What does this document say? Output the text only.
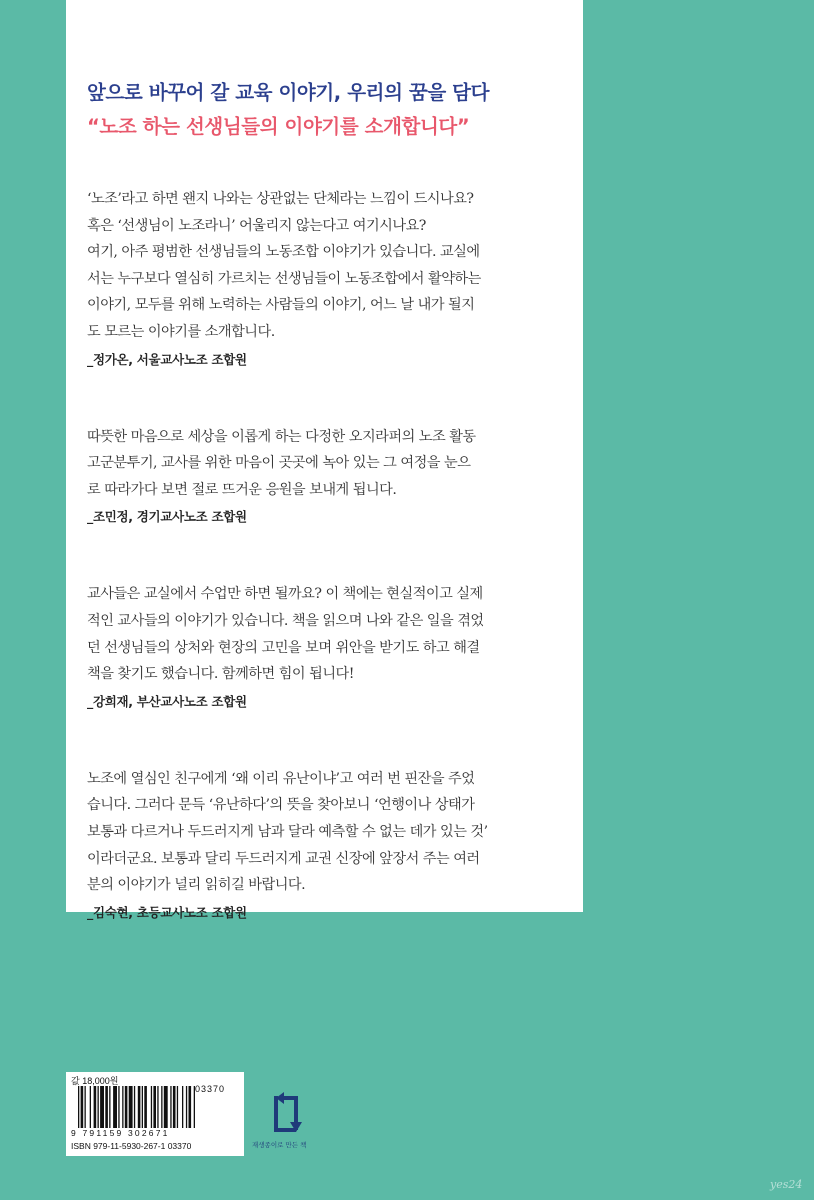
앞으로 바꾸어 갈 교육 이야기, 우리의 꿈을 담다
“노조 하는 선생님들의 이야기를 소개합니다”

‘노조’라고 하면 왠지 나와는 상관없는 단체라는 느낌이 드시나요?

혹은 ‘선생님이 노조라니’ 어울리지 않는다고 여기시나요?

여기, 아주 평범한 선생님들의 노동조합 이야기가 있습니다. 교실에

서는 누구보다 열심히 가르치는 선생님들이 노동조합에서 활약하는

이야기, 모두를 위해 노력하는 사람들의 이야기, 어느 날 내가 될지

도 모르는 이야기를 소개합니다.

_정가온, 서울교사노조 조합원

따뜻한 마음으로 세상을 이롭게 하는 다정한 오지라퍼의 노조 활동

고군분투기, 교사를 위한 마음이 곳곳에 녹아 있는 그 여정을 눈으

로 따라가다 보면 절로 뜨거운 응원을 보내게 됩니다.

_조민정, 경기교사노조 조합원

교사들은 교실에서 수업만 하면 될까요? 이 책에는 현실적이고 실제

적인 교사들의 이야기가 있습니다. 책을 읽으며 나와 같은 일을 겪었

던 선생님들의 상처와 현장의 고민을 보며 위안을 받기도 하고 해결

책을 찾기도 했습니다. 함께하면 힘이 됩니다!

_강희재, 부산교사노조 조합원

노조에 열심인 친구에게 ‘왜 이리 유난이냐’고 여러 번 핀잔을 주었

습니다. 그러다 문득 ‘유난하다’의 뜻을 찾아보니 ‘언행이나 상태가

보통과 다르거나 두드러지게 남과 달라 예측할 수 없는 데가 있는 것’

이라더군요. 보통과 달리 두드러지게 교권 신장에 앞장서 주는 여러

분의 이야기가 널리 읽히길 바랍니다.

_김숙현, 초등교사노조 조합원
값 18,000원
03370
9 791159 302671
ISBN 979-11-5930-267-1 03370	재생종이로 만든 책
yes24
